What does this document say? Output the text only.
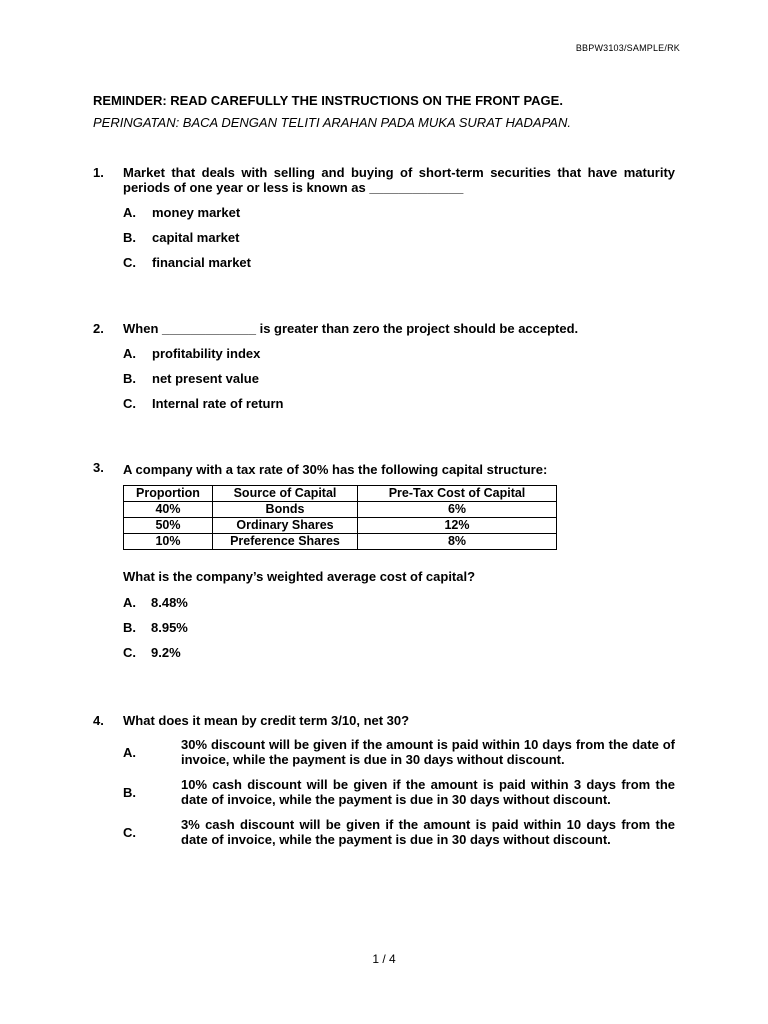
BBPW3103/SAMPLE/RK
REMINDER: READ CAREFULLY THE INSTRUCTIONS ON THE FRONT PAGE.
PERINGATAN: BACA DENGAN TELITI ARAHAN PADA MUKA SURAT HADAPAN.
1.	Market that deals with selling and buying of short-term securities that have maturity periods of one year or less is known as _____________
A.	money market
B.	capital market
C.	financial market
2.	When _____________ is greater than zero the project should be accepted.
A.	profitability index
B.	net present value
C.	Internal rate of return
3.	A company with a tax rate of 30% has the following capital structure:
Proportion	Source of Capital	Pre-Tax Cost of Capital
40%	Bonds	6%
50%	Ordinary Shares	12%
10%	Preference Shares	8%
What is the company’s weighted average cost of capital?
A.	8.48%
B.	8.95%
C.	9.2%
4.	What does it mean by credit term 3/10, net 30?
A.
30% discount will be given if the amount is paid within 10 days from the date of invoice, while the payment is due in 30 days without discount.
B.
10% cash discount will be given if the amount is paid within 3 days from the date of invoice, while the payment is due in 30 days without discount.
C.
3% cash discount will be given if the amount is paid within 10 days from the date of invoice, while the payment is due in 30 days without discount.
1 / 4
